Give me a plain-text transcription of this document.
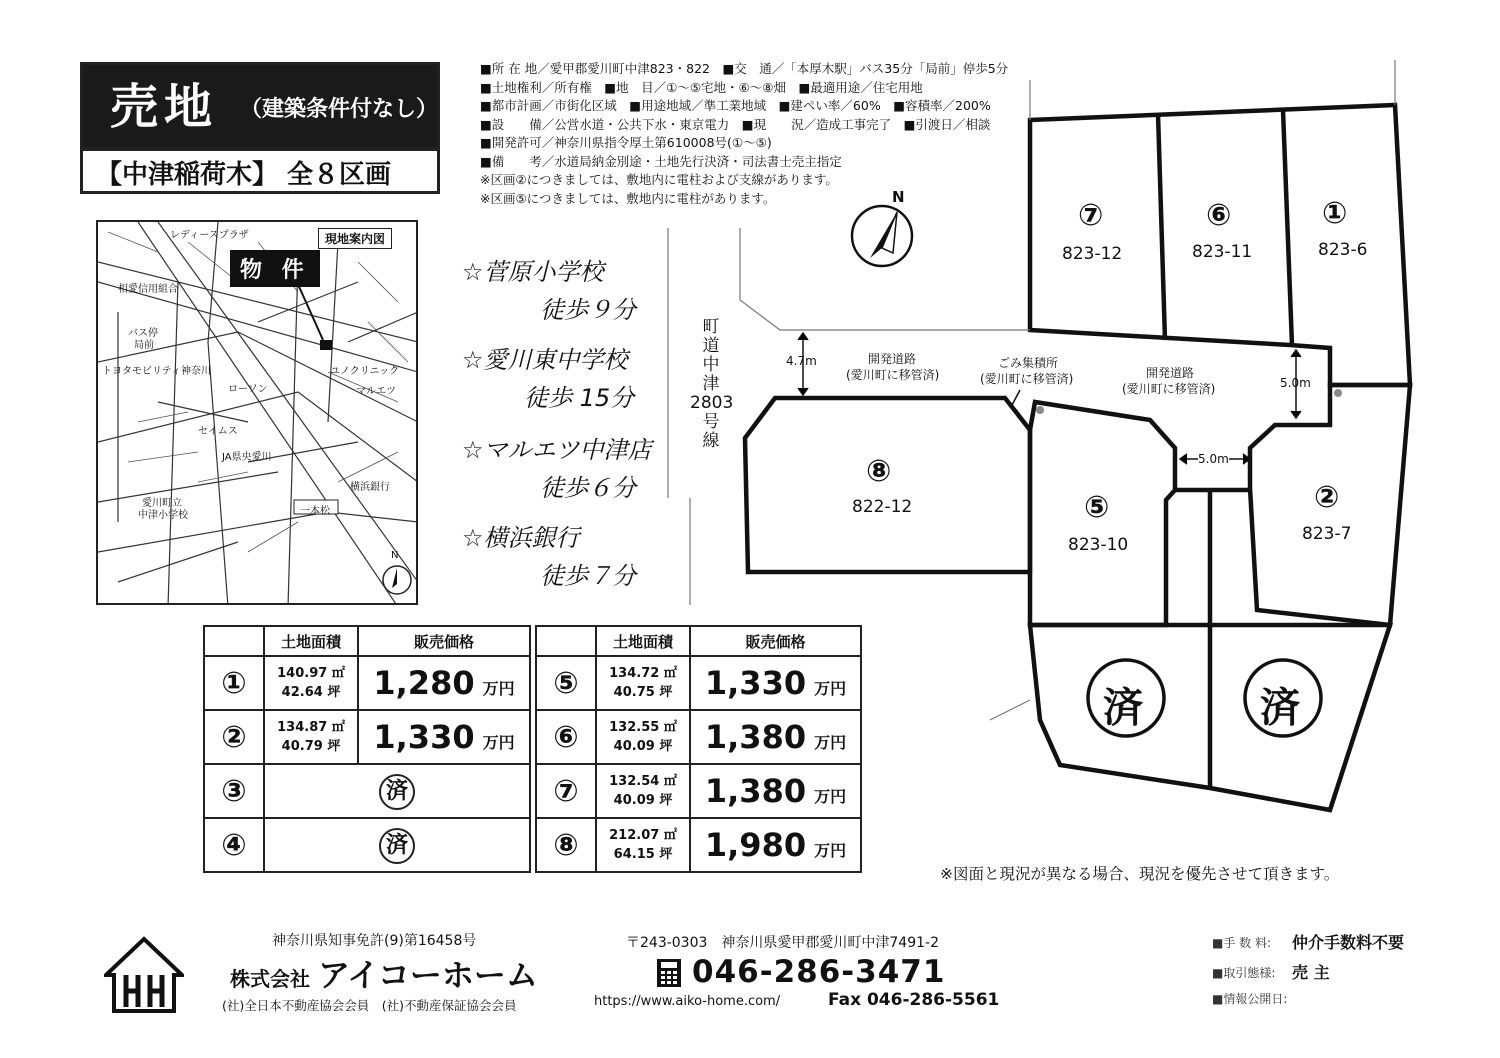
売地 （建築条件付なし）
【中津稲荷木】 全８区画
■所 在 地／愛甲郡愛川町中津823・822　■交　通／「本厚木駅」バス35分「局前」停歩5分
■土地権利／所有権　■地　目／①～⑤宅地・⑥～⑧畑　■最適用途／住宅用地
■都市計画／市街化区域　■用途地域／準工業地域　■建ぺい率／60%　■容積率／200%
■設　　備／公営水道・公共下水・東京電力　■現　　況／造成工事完了　■引渡日／相談
■開発許可／神奈川県指令厚土第610008号(①～⑤)
■備　　考／水道局納金別途・土地先行決済・司法書士売主指定
※区画②につきましては、敷地内に電柱および支線があります。
※区画⑤につきましては、敷地内に電柱があります。
レディースプラザ
相愛信用組合
バス停
局前
トヨタモビリティ神奈川	ユノクリニック
ローソン	マルエツ
セイムス
JA県央愛川
横浜銀行
一本松
愛川町立
中津小学校
N
現地案内図
物 件	☆菅原小学校
徒歩９分
☆愛川東中学校
徒歩 15分
☆マルエツ中津店
徒歩６分
☆横浜銀行
徒歩７分
N
町
道
中
津
2803
号
線
4.7m	開発道路
(愛川町に移管済)
ごみ集積所
(愛川町に移管済)	開発道路
(愛川町に移管済)	5.0m
5.0m
⑦
823-12
⑥
823-11
①
823-6
⑧
822-12	⑤
823-10
②
823-7
済	済
	土地面積	販売価格
①	140.97 ㎡
42.64 坪	1,280 万円
②	134.87 ㎡
40.79 坪	1,330 万円
③	済	
④	済	
	土地面積	販売価格
⑤	134.72 ㎡
40.75 坪	1,330 万円
⑥	132.55 ㎡
40.09 坪	1,380 万円
⑦	132.54 ㎡
40.09 坪	1,380 万円
⑧	212.07 ㎡
64.15 坪	1,980 万円
※図面と現況が異なる場合、現況を優先させて頂きます。
神奈川県知事免許(9)第16458号
株式会社 アイコーホーム
(社)全日本不動産協会会員　(社)不動産保証協会会員
〒243-0303　神奈川県愛甲郡愛川町中津7491-2
046-286-3471
https://www.aiko-home.com/	Fax 046-286-5561
■手 数 料: 仲介手数料不要
■取引態様: 売 主
■情報公開日:
